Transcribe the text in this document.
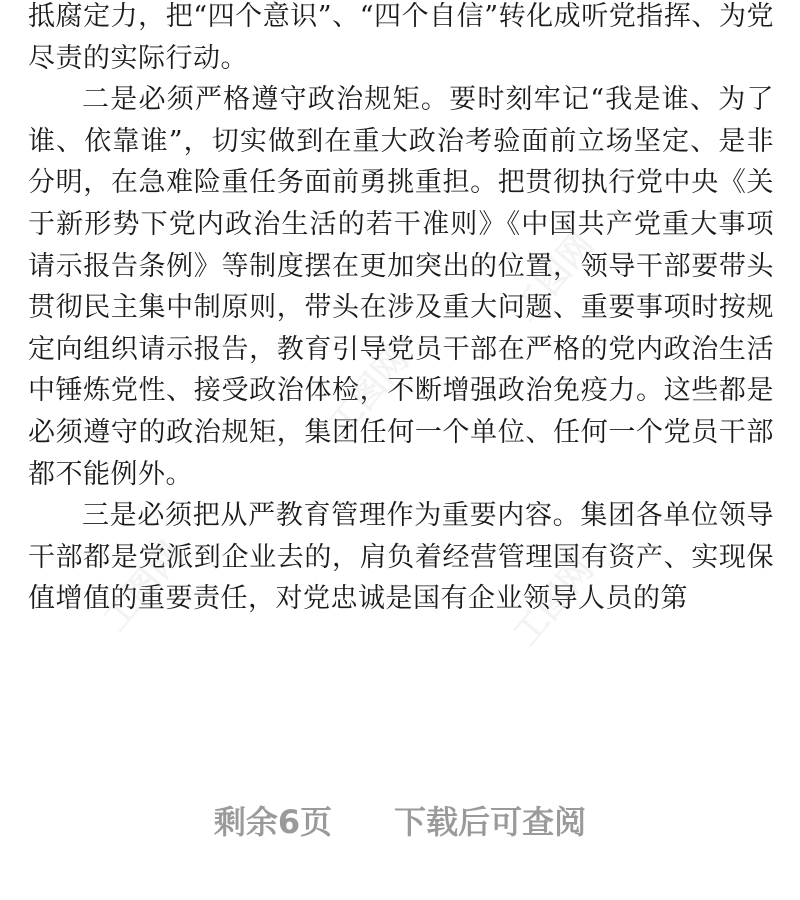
抵腐定力，把“四个意识”、“四个自信”转化成听党指挥、为党尽责的实际行动。

二是必须严格遵守政治规矩。要时刻牢记“我是谁、为了谁、依靠谁”，切实做到在重大政治考验面前立场坚定、是非分明，在急难险重任务面前勇挑重担。把贯彻执行党中央《关于新形势下党内政治生活的若干准则》《中国共产党重大事项请示报告条例》等制度摆在更加突出的位置，领导干部要带头贯彻民主集中制原则，带头在涉及重大问题、重要事项时按规定向组织请示报告，教育引导党员干部在严格的党内政治生活中锤炼党性、接受政治体检，不断增强政治免疫力。这些都是必须遵守的政治规矩，集团任何一个单位、任何一个党员干部都不能例外。

三是必须把从严教育管理作为重要内容。集团各单位领导干部都是党派到企业去的，肩负着经营管理国有资产、实现保值增值的重要责任，对党忠诚是国有企业领导人员的第

工图网
工图网
工图网	工图网
剩余6页 下载后可查阅
